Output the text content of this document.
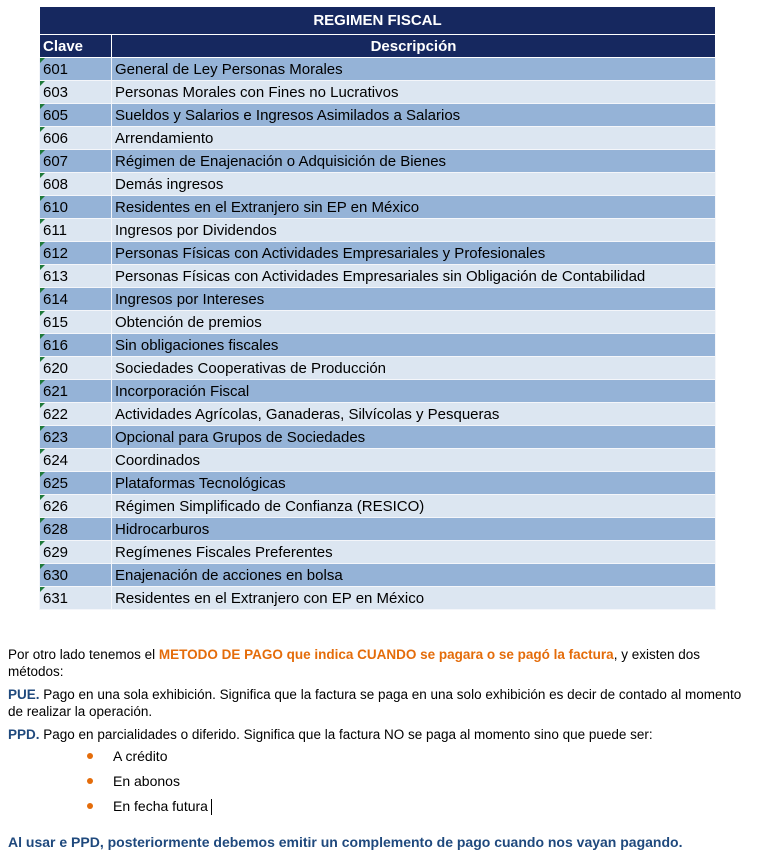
REGIMEN FISCAL	
Clave	Descripción
601	General de Ley Personas Morales
603	Personas Morales con Fines no Lucrativos
605	Sueldos y Salarios e Ingresos Asimilados a Salarios
606	Arrendamiento
607	Régimen de Enajenación o Adquisición de Bienes
608	Demás ingresos
610	Residentes en el Extranjero sin EP en México
611	Ingresos por Dividendos
612	Personas Físicas con Actividades Empresariales y Profesionales
613	Personas Físicas con Actividades Empresariales sin Obligación de Contabilidad
614	Ingresos por Intereses
615	Obtención de premios
616	Sin obligaciones fiscales
620	Sociedades Cooperativas de Producción
621	Incorporación Fiscal
622	Actividades Agrícolas, Ganaderas, Silvícolas y Pesqueras
623	Opcional para Grupos de Sociedades
624	Coordinados
625	Plataformas Tecnológicas
626	Régimen Simplificado de Confianza (RESICO)
628	Hidrocarburos
629	Regímenes Fiscales Preferentes
630	Enajenación de acciones en bolsa
631	Residentes en el Extranjero con EP en México
Por otro lado tenemos el METODO DE PAGO que indica CUANDO se pagara o se pagó la factura, y existen dos métodos:
PUE. Pago en una sola exhibición. Significa que la factura se paga en una solo exhibición es decir de contado al momento de realizar la operación.
PPD. Pago en parcialidades o diferido. Significa que la factura NO se paga al momento sino que puede ser:
A crédito
En abonos
En fecha futura
Al usar e PPD, posteriormente debemos emitir un complemento de pago cuando nos vayan pagando.
